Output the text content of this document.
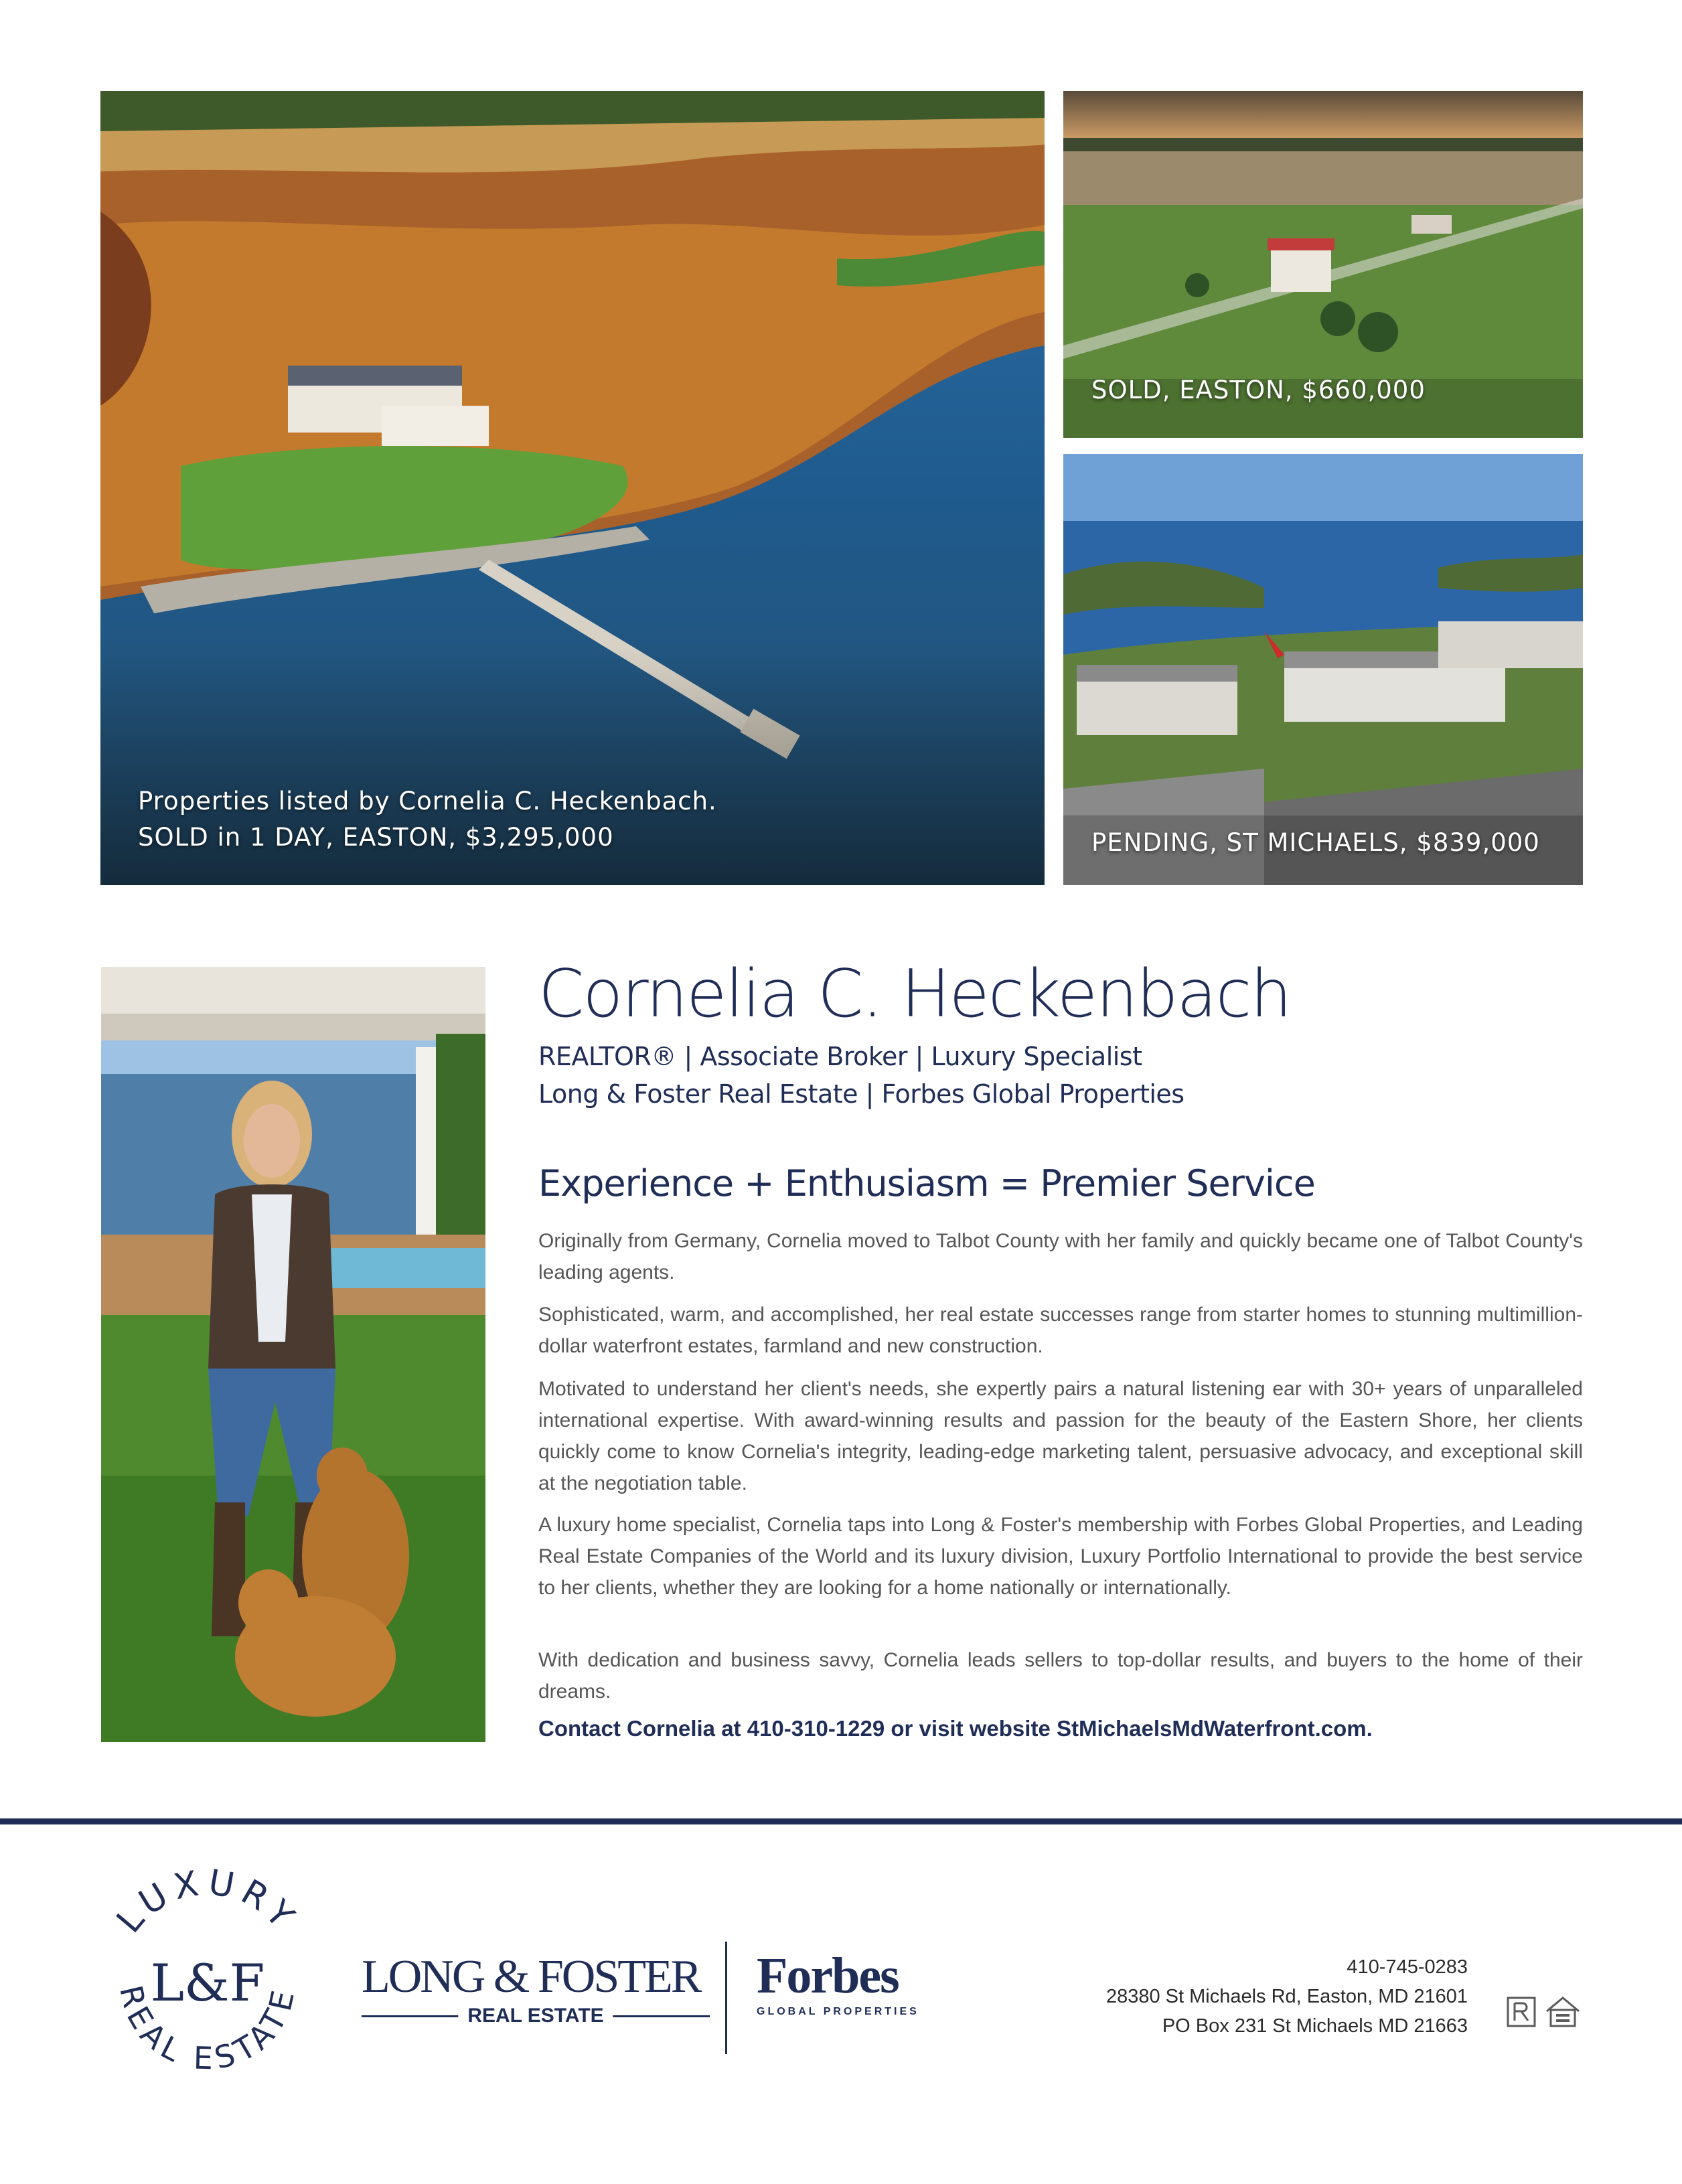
Properties listed by Cornelia C. Heckenbach.
SOLD in 1 DAY, EASTON, $3,295,000
SOLD, EASTON, $660,000
PENDING, ST MICHAELS, $839,000
Cornelia C. Heckenbach
REALTOR® | Associate Broker | Luxury Specialist
Long & Foster Real Estate | Forbes Global Properties
Experience + Enthusiasm = Premier Service

Originally from Germany, Cornelia moved to Talbot County with her family and quickly became one of Talbot County's leading agents.

Sophisticated, warm, and accomplished, her real estate successes range from starter homes to stunning multimillion-dollar waterfront estates, farmland and new construction.

Motivated to understand her client's needs, she expertly pairs a natural listening ear with 30+ years of unparalleled international expertise. With award-winning results and passion for the beauty of the Eastern Shore, her clients quickly come to know Cornelia's integrity, leading-edge marketing talent, persuasive advocacy, and exceptional skill at the negotiation table.

A luxury home specialist, Cornelia taps into Long & Foster's membership with Forbes Global Properties, and Leading Real Estate Companies of the World and its luxury division, Luxury Portfolio International to provide the best service to her clients, whether they are looking for a home nationally or internationally.

With dedication and business savvy, Cornelia leads sellers to top-dollar results, and buyers to the home of their dreams.

Contact Cornelia at 410-310-1229 or visit website StMichaelsMdWaterfront.com.
LUXURY
REAL ESTATE
L&F LONG & FOSTER
REAL ESTATE
Forbes
GLOBAL PROPERTIES
410-745-0283
28380 St Michaels Rd, Easton, MD 21601
PO Box 231 St Michaels MD 21663
